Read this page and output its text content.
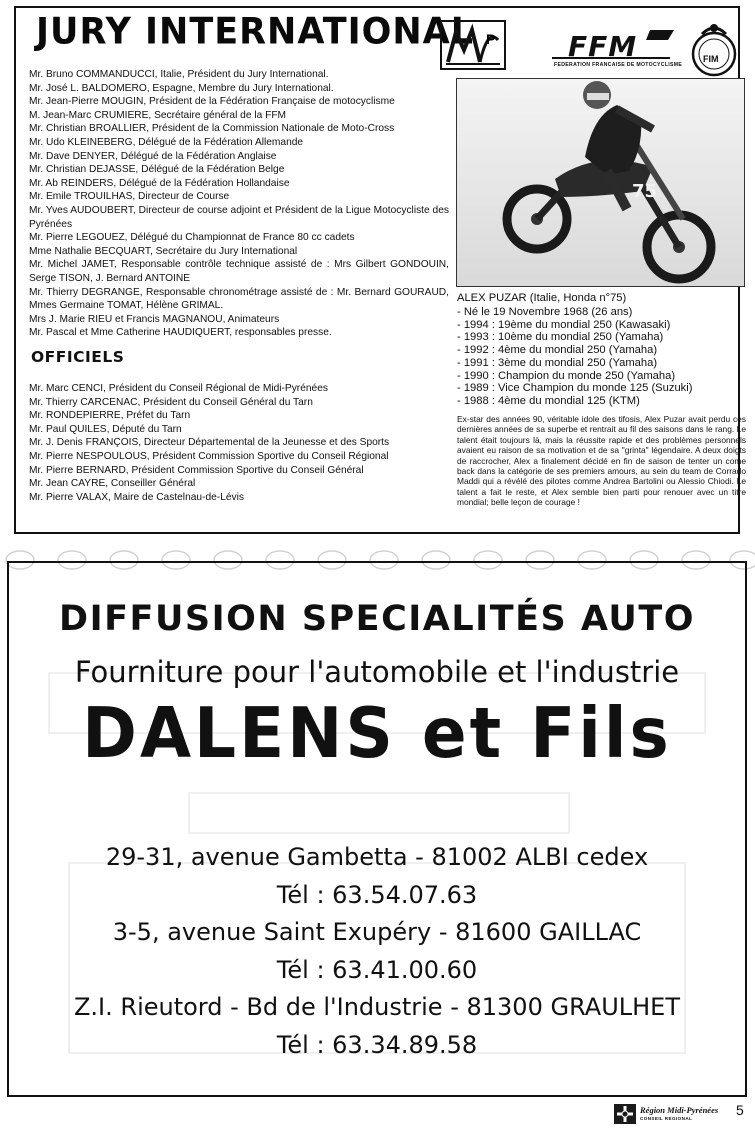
JURY INTERNATIONAL
Mr. Bruno COMMANDUCCI, Italie, Président du Jury International.
Mr. José L. BALDOMERO, Espagne, Membre du Jury International.
Mr. Jean-Pierre MOUGIN, Président de la Fédération Française de motocyclisme
M. Jean-Marc CRUMIERE, Secrétaire général de la FFM
Mr. Christian BROALLIER, Président de la Commission Nationale de Moto-Cross
Mr. Udo KLEINEBERG, Délégué de la Fédération Allemande
Mr. Dave DENYER, Délégué de la Fédération Anglaise
Mr. Christian DEJASSE, Délégué de la Fédération Belge
Mr. Ab REINDERS, Délégué de la Fédération Hollandaise
Mr. Emile TROUILHAS, Directeur de Course
Mr. Yves AUDOUBERT, Directeur de course adjoint et Président de la Ligue Motocycliste des Pyrénées
Mr. Pierre LEGOUEZ, Délégué du Championnat de France 80 cc cadets
Mme Nathalie BECQUART, Secrétaire du Jury International
Mr. Michel JAMET, Responsable contrôle technique assisté de : Mrs Gilbert GONDOUIN, Serge TISON, J. Bernard ANTOINE
Mr. Thierry DEGRANGE, Responsable chronométrage assisté de : Mr. Bernard GOURAUD, Mmes Germaine TOMAT, Hélène GRIMAL.
Mrs J. Marie RIEU et Francis MAGNANOU, Animateurs
Mr. Pascal et Mme Catherine HAUDIQUERT, responsables presse.
OFFICIELS
Mr. Marc CENCI, Président du Conseil Régional de Midi-Pyrénées
Mr. Thierry CARCENAC, Président du Conseil Général du Tarn
Mr. RONDEPIERRE, Préfet du Tarn
Mr. Paul QUILES, Député du Tarn
Mr. J. Denis FRANÇOIS, Directeur Départemental de la Jeunesse et des Sports
Mr. Pierre NESPOULOUS, Président Commission Sportive du Conseil Régional
Mr. Pierre BERNARD, Président Commission Sportive du Conseil Général
Mr. Jean CAYRE, Conseiller Général
Mr. Pierre VALAX, Maire de Castelnau-de-Lévis
P	FFM
FEDERATION FRANCAISE DE MOTOCYCLISME
FIM
75
ALEX PUZAR (Italie, Honda n°75)
- Né le 19 Novembre 1968 (26 ans)
- 1994 : 19ème du mondial 250 (Kawasaki)
- 1993 : 10ème du mondial 250 (Yamaha)
- 1992 : 4ème du mondial 250 (Yamaha)
- 1991 : 3ème du mondial 250 (Yamaha)
- 1990 : Champion du monde 250 (Yamaha)
- 1989 : Vice Champion du monde 125 (Suzuki)
- 1988 : 4ème du mondial 125 (KTM)

Ex-star des années 90, véritable idole des tifosis, Alex Puzar avait perdu ces dernières années de sa superbe et rentrait au fil des saisons dans le rang. Le talent était toujours là, mais la réussite rapide et des problèmes personnels avaient eu raison de sa motivation et de sa "grinta" légendaire. A deux doigts de raccrocher, Alex a finalement décidé en fin de saison de tenter un come back dans la catégorie de ses premiers amours, au sein du team de Corrado Maddi qui a révélé des pilotes comme Andrea Bartolini ou Alessio Chiodi. Le talent a fait le reste, et Alex semble bien parti pour renouer avec un titre mondial; belle leçon de courage !

DIFFUSION SPECIALITÉS AUTO
Fourniture pour l'automobile et l'industrie
DALENS et Fils
29-31, avenue Gambetta - 81002 ALBI cedex
Tél : 63.54.07.63
3-5, avenue Saint Exupéry - 81600 GAILLAC
Tél : 63.41.00.60
Z.I. Rieutord - Bd de l'Industrie - 81300 GRAULHET
Tél : 63.34.89.58
Région Midi-Pyrénées
CONSEIL REGIONAL
5
